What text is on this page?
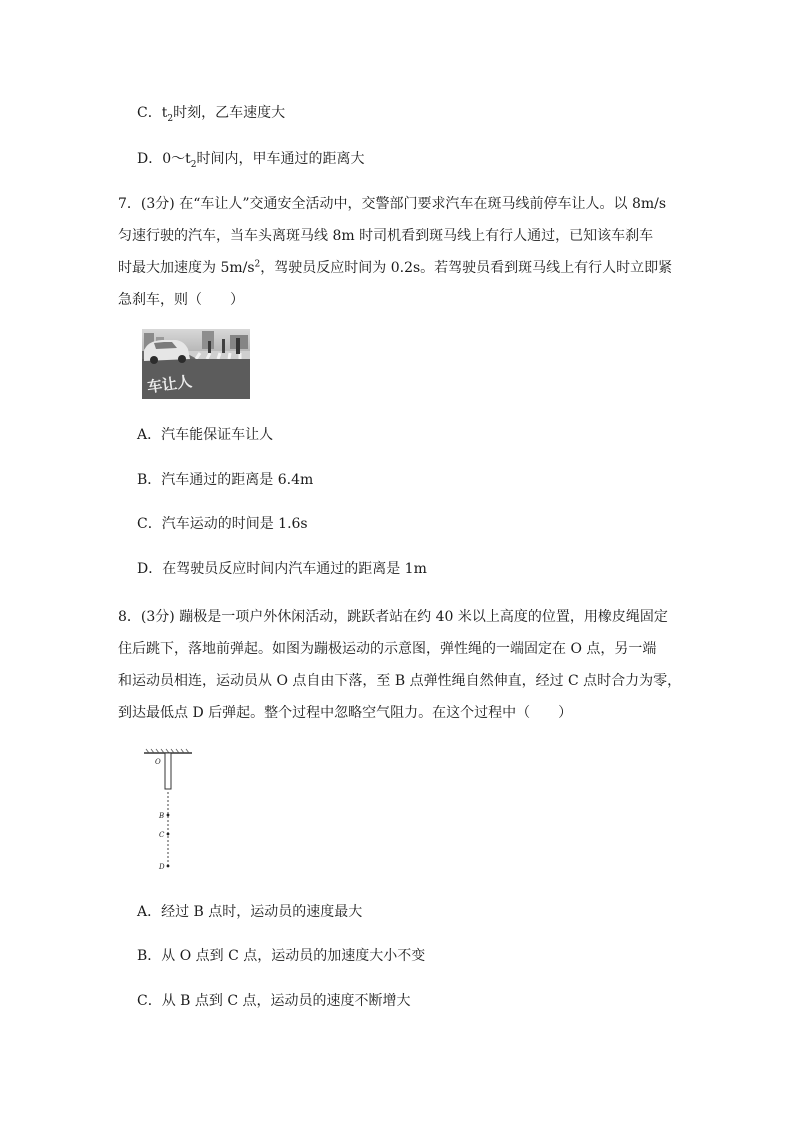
C．$t_2$时刻，乙车速度大
D．$0\sim t_2$时间内，甲车通过的距离大
7．(3分) 在“车让人”交通安全活动中，交警部门要求汽车在斑马线前停车让人。以 8m/s
匀速行驶的汽车，当车头离斑马线 8m 时司机看到斑马线上有行人通过，已知该车刹车
时最大加速度为 $5m/s^2$，驾驶员反应时间为 0.2s。若驾驶员看到斑马线上有行人时立即紧
急刹车，则（　　）
车让人
A．汽车能保证车让人
B．汽车通过的距离是 6.4m
C．汽车运动的时间是 1.6s
D．在驾驶员反应时间内汽车通过的距离是 1m
8．(3分) 蹦极是一项户外休闲活动，跳跃者站在约 40 米以上高度的位置，用橡皮绳固定
住后跳下，落地前弹起。如图为蹦极运动的示意图，弹性绳的一端固定在 O 点，另一端
和运动员相连，运动员从 O 点自由下落，至 B 点弹性绳自然伸直，经过 C 点时合力为零，
到达最低点 D 后弹起。整个过程中忽略空气阻力。在这个过程中（　　）
O
B
C
D
A．经过 B 点时，运动员的速度最大
B．从 O 点到 C 点，运动员的加速度大小不变
C．从 B 点到 C 点，运动员的速度不断增大
